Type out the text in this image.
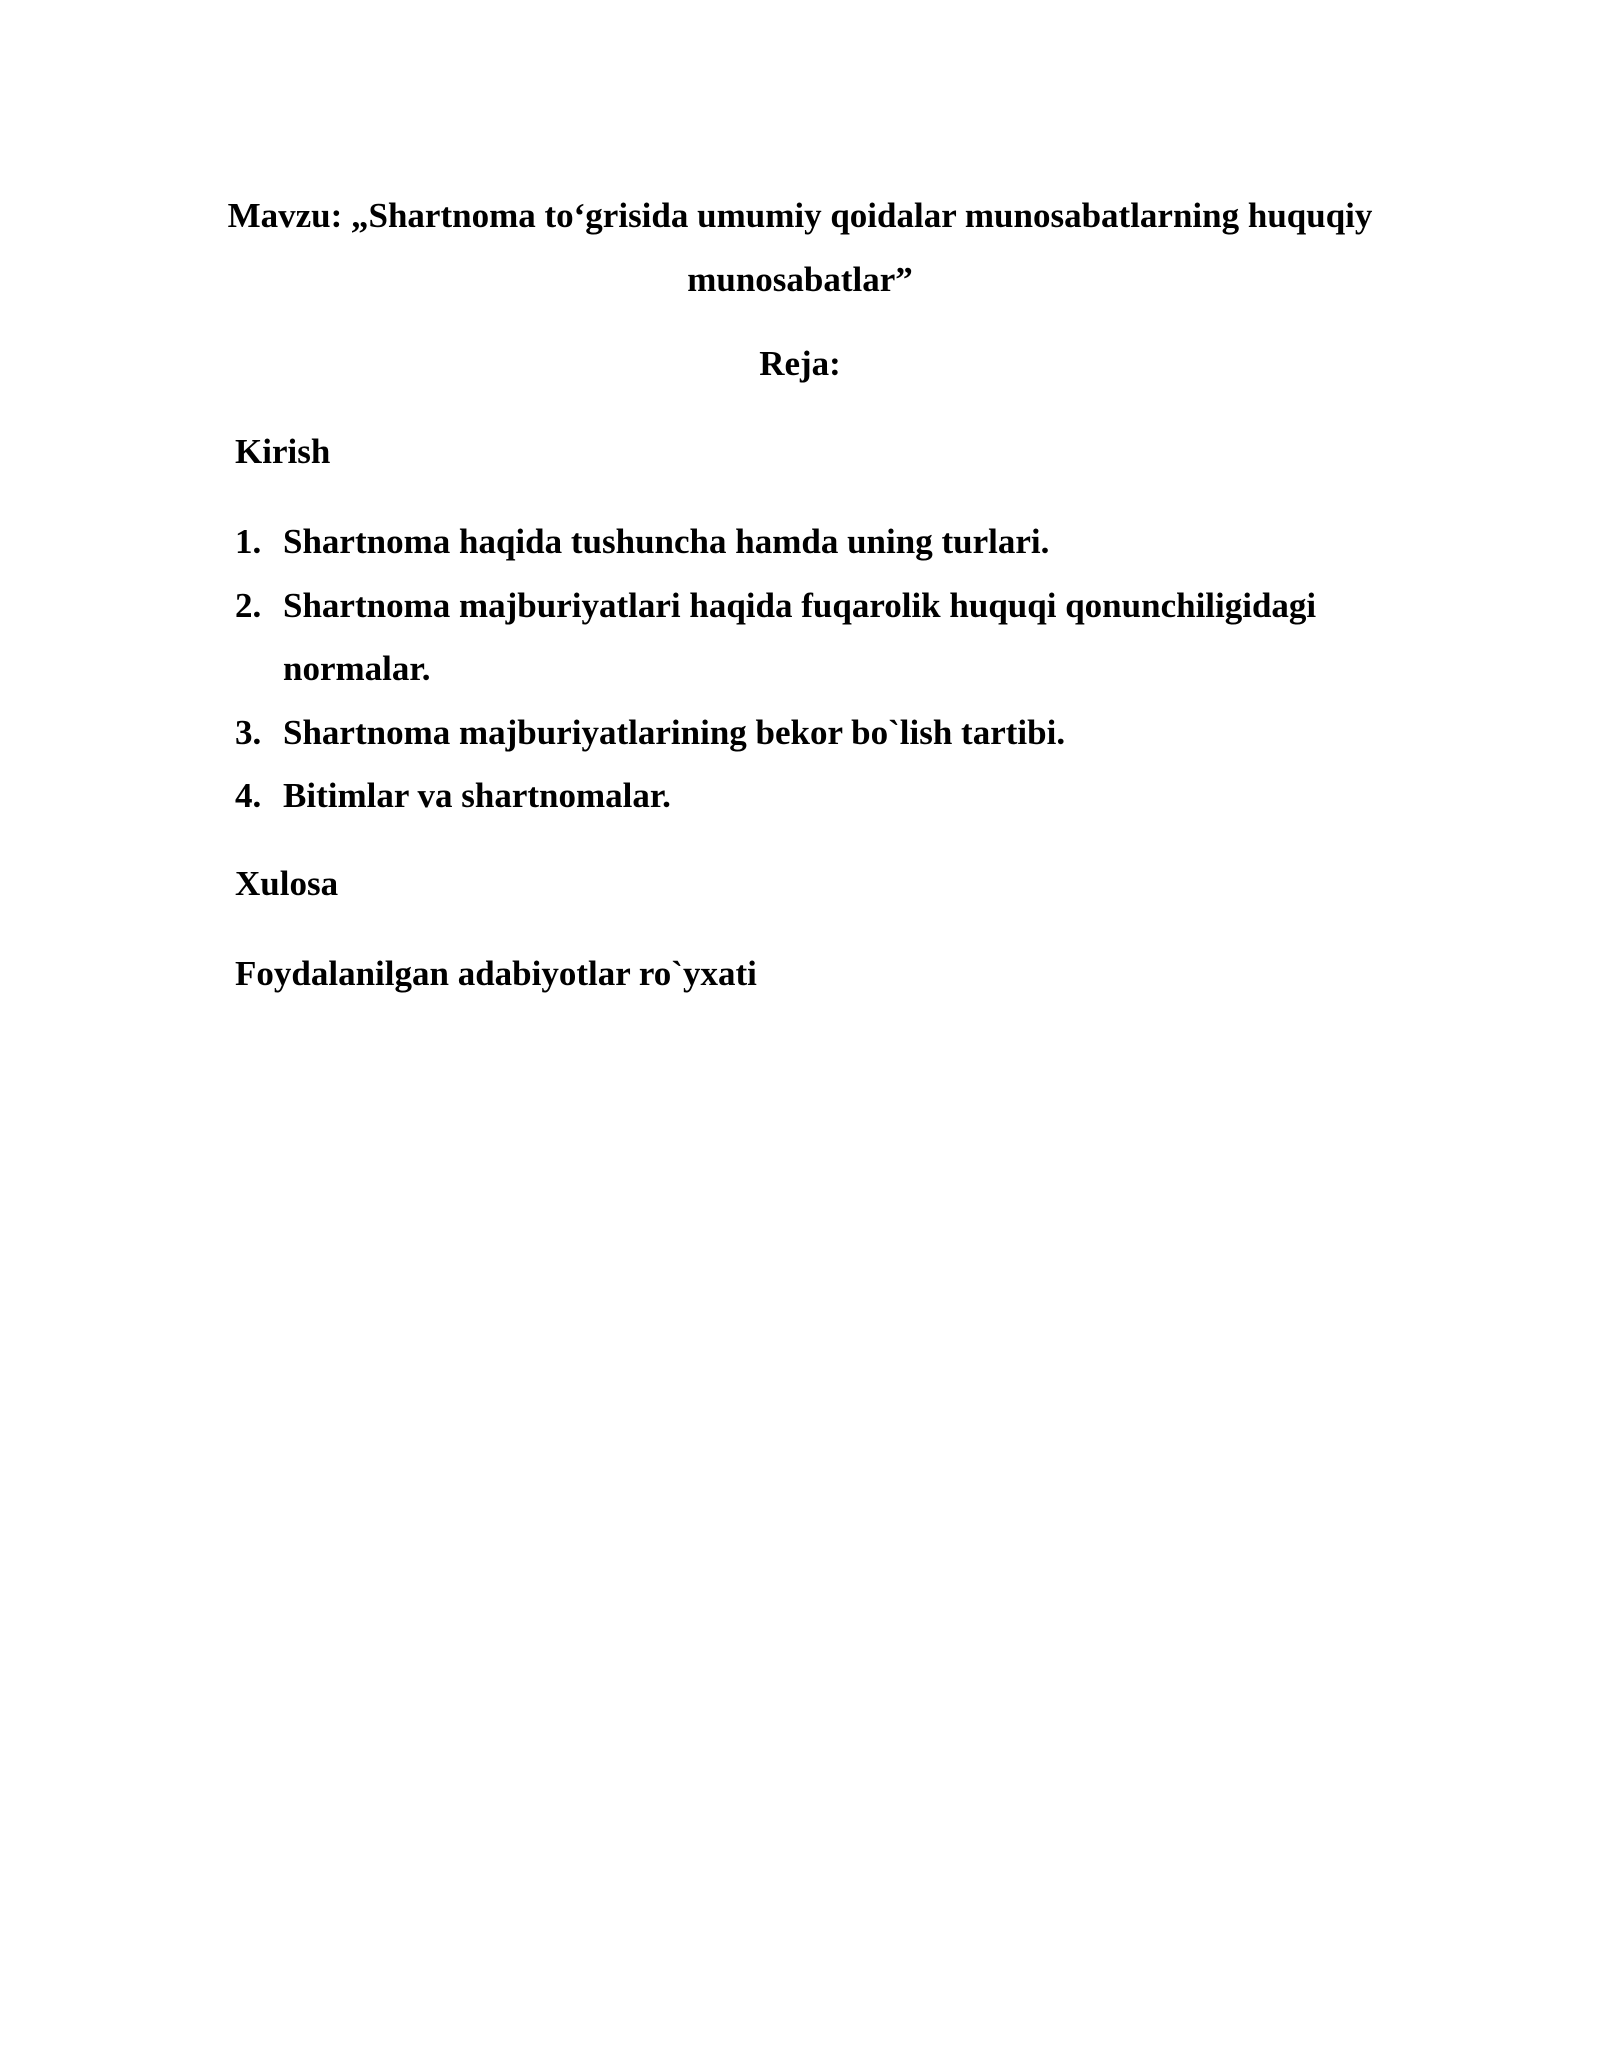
Mavzu: „Shartnoma to‘grisida umumiy qoidalar munosabatlarning huquqiy munosabatlar”
Reja:

Kirish

1. Shartnoma haqida tushuncha hamda uning turlari.
2. Shartnoma majburiyatlari haqida fuqarolik huquqi qonunchiligidagi normalar.
3. Shartnoma majburiyatlarining bekor bo`lish tartibi.
4. Bitimlar va shartnomalar.

Xulosa

Foydalanilgan adabiyotlar ro`yxati
